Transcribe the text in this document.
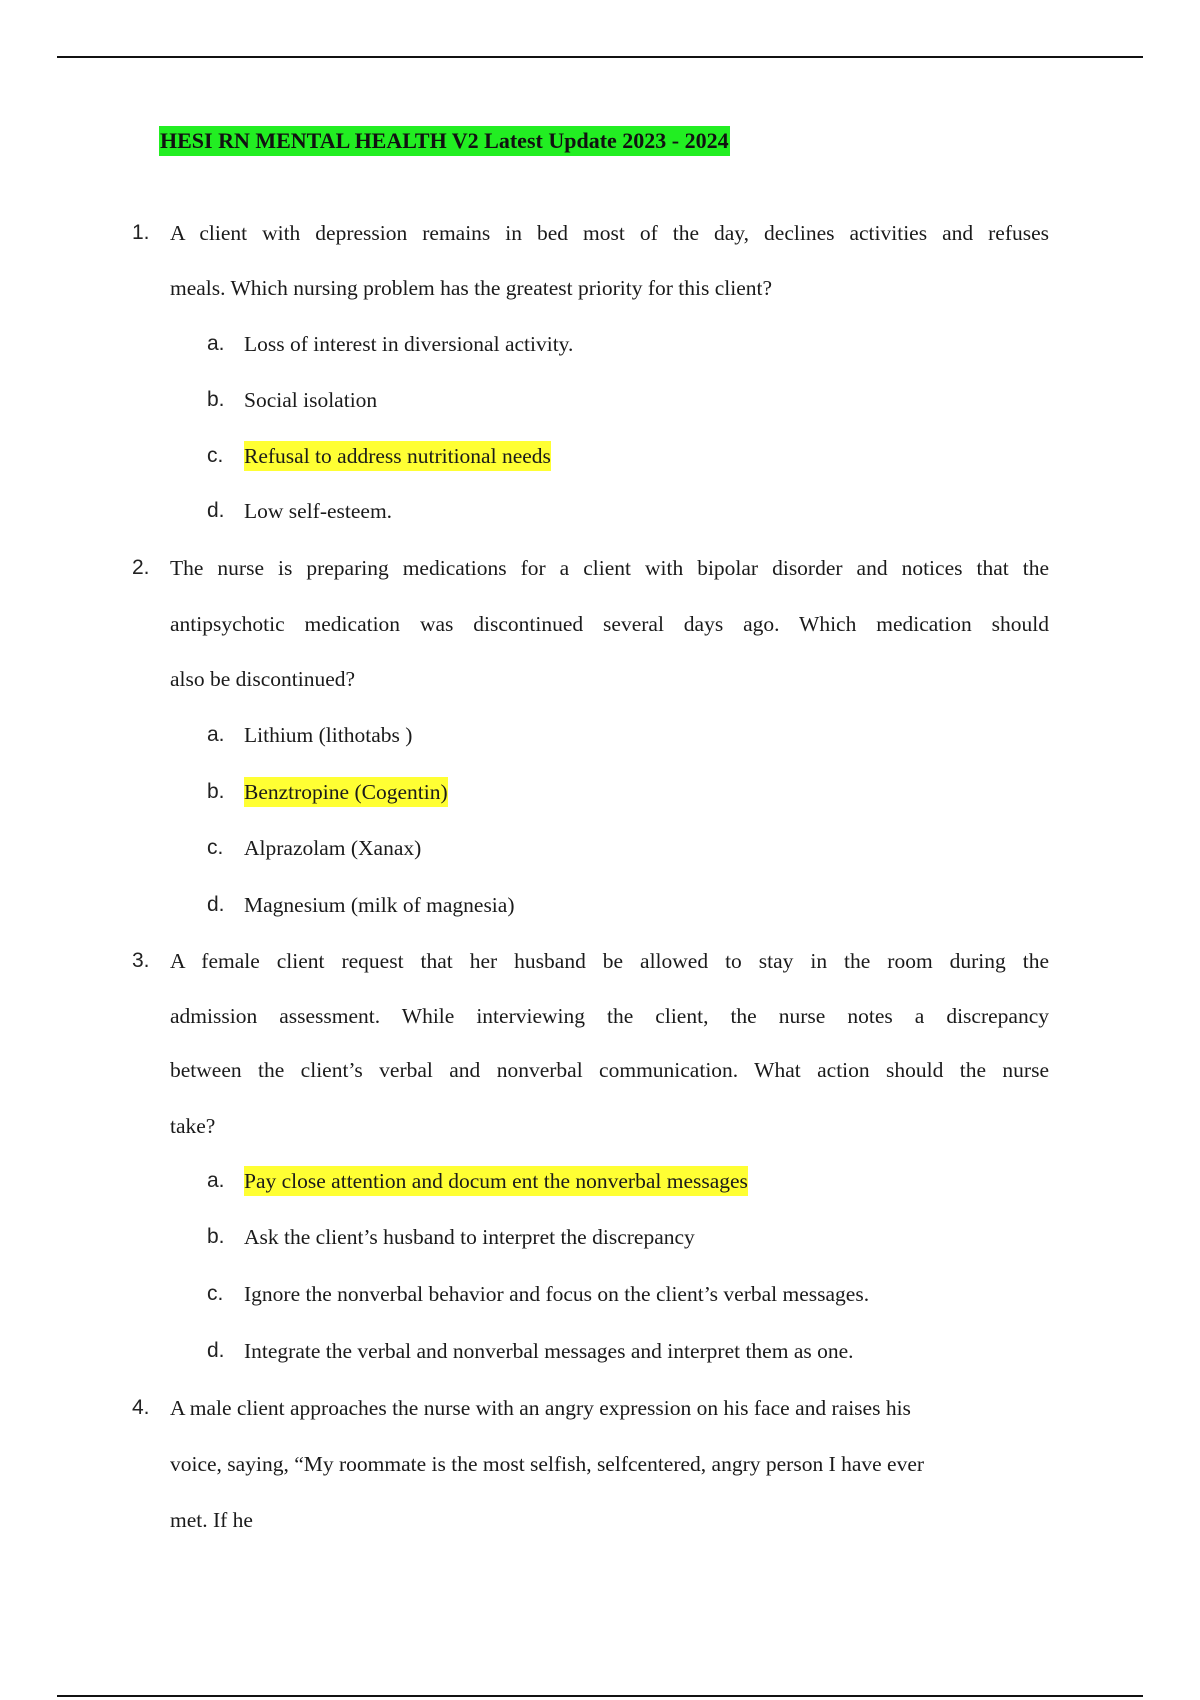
HESI RN MENTAL HEALTH V2 Latest Update 2023 - 2024
1. A client with depression remains in bed most of the day, declines activities and refuses
meals. Which nursing problem has the greatest priority for this client?
a. Loss of interest in diversional activity.
b. Social isolation
c. Refusal to address nutritional needs
d. Low self-esteem.
2. The nurse is preparing medications for a client with bipolar disorder and notices that the
antipsychotic medication was discontinued several days ago. Which medication should
also be discontinued?
a. Lithium (lithotabs )
b. Benztropine (Cogentin)
c. Alprazolam (Xanax)
d. Magnesium (milk of magnesia)
3. A female client request that her husband be allowed to stay in the room during the
admission assessment. While interviewing the client, the nurse notes a discrepancy
between the client’s verbal and nonverbal communication. What action should the nurse
take?
a. Pay close attention and docum ent the nonverbal messages
b. Ask the client’s husband to interpret the discrepancy
c. Ignore the nonverbal behavior and focus on the client’s verbal messages.
d. Integrate the verbal and nonverbal messages and interpret them as one.
4. A male client approaches the nurse with an angry expression on his face and raises his
voice, saying, “My roommate is the most selfish, selfcentered, angry person I have ever
met. If he
